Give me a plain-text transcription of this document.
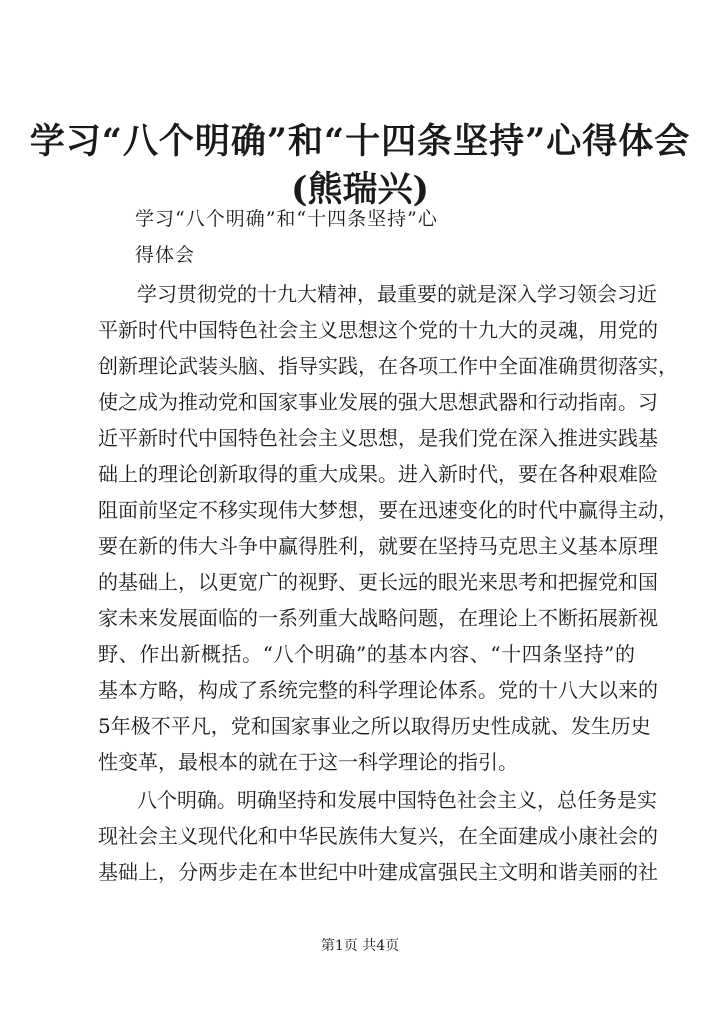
学习“八个明确”和“十四条坚持”心得体会
(熊瑞兴)
学习“八个明确”和“十四条坚持”心
得体会
学习贯彻党的十九大精神，最重要的就是深入学习领会习近
平新时代中国特色社会主义思想这个党的十九大的灵魂，用党的
创新理论武装头脑、指导实践，在各项工作中全面准确贯彻落实，
使之成为推动党和国家事业发展的强大思想武器和行动指南。习
近平新时代中国特色社会主义思想，是我们党在深入推进实践基
础上的理论创新取得的重大成果。进入新时代，要在各种艰难险
阻面前坚定不移实现伟大梦想，要在迅速变化的时代中赢得主动，
要在新的伟大斗争中赢得胜利，就要在坚持马克思主义基本原理
的基础上，以更宽广的视野、更长远的眼光来思考和把握党和国
家未来发展面临的一系列重大战略问题，在理论上不断拓展新视
野、作出新概括。“八个明确”的基本内容、“十四条坚持”的
基本方略，构成了系统完整的科学理论体系。党的十八大以来的
5年极不平凡，党和国家事业之所以取得历史性成就、发生历史
性变革，最根本的就在于这一科学理论的指引。
八个明确。明确坚持和发展中国特色社会主义，总任务是实
现社会主义现代化和中华民族伟大复兴，在全面建成小康社会的
基础上，分两步走在本世纪中叶建成富强民主文明和谐美丽的社
第1页 共4页
